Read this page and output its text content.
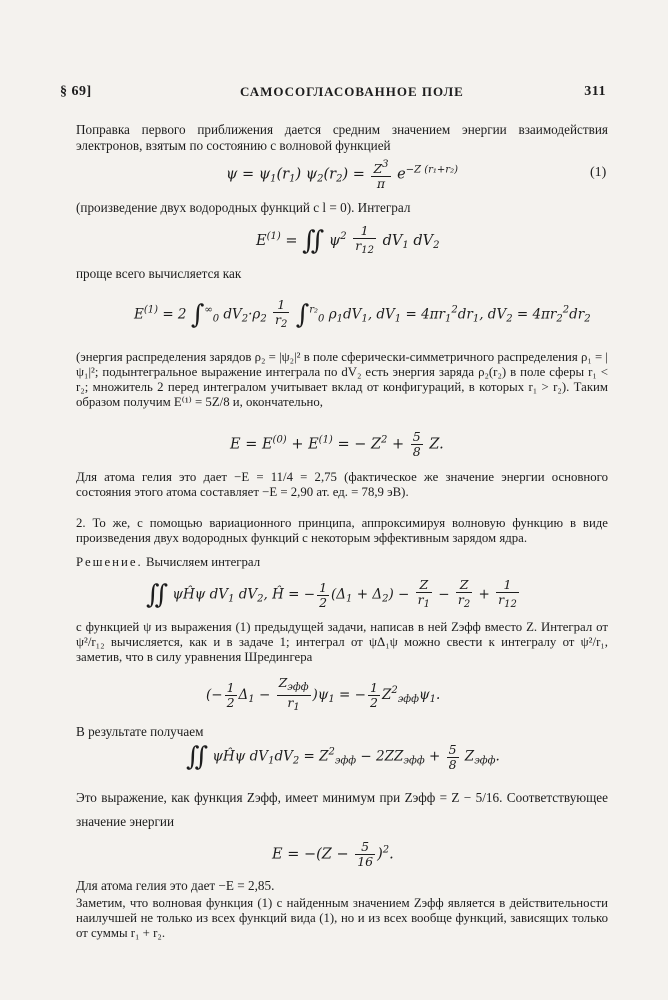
§ 69]	САМОСОГЛАСОВАННОЕ ПОЛЕ	311

Поправка первого приближения дается средним значением энергии взаимодействия электронов, взятым по состоянию с волновой функцией

$\psi = \psi_1(r_1) \psi_2(r_2) = \frac{Z^3}{\pi} e^{-Z (r_1+r_2)}$	(1)

(произведение двух водородных функций с l = 0). Интеграл

$E^{(1)}$ = ∬ $\psi^2 \frac{1}{r_{12}} dV_1$ $dV_2$

проще всего вычисляется как

$E^{(1)} = 2$ $\int^\infty_0$ $dV_2\cdot\rho_2 \frac{1}{r_2} \int^{r_2}_0$ $\rho_1dV_1$, $dV_1 = 4\pi r_1^2dr_1$, $dV_2 = 4\pi r_2^2dr_2$

(энергия распределения зарядов ρ₂ = |ψ₂|² в поле сферически-симметричного распределения ρ₁ = |ψ₁|²; подынтегральное выражение интеграла по dV₂ есть энергия заряда ρ₂(r₂) в поле сферы r₁ < r₂; множитель 2 перед интегралом учитывает вклад от конфигураций, в которых r₁ > r₂). Таким образом получим E⁽¹⁾ = 5Z/8 и, окончательно,

$E = E^{(0)} + E^{(1)}$ = − $Z^2 + \frac{5}{8} Z$.

Для атома гелия это дает −E = 11/4 = 2,75 (фактическое же значение энергии основного состояния этого атома составляет −E = 2,90 ат. ед. = 78,9 эВ).

2. То же, с помощью вариационного принципа, аппроксимируя волновую функцию в виде произведения двух водородных функций с некоторым эффективным зарядом ядра.

Решение. Вычисляем интеграл

∬ ψĤψ $dV_1$ $dV_2$, Ĥ = − $\frac{1}{2} (\Delta_1 + \Delta_2) - \frac{Z}{r_1} - \frac{Z}{r_2} + \frac{1}{r_{12}}$

с функцией ψ из выражения (1) предыдущей задачи, написав в ней Zэфф вместо Z. Интеграл от ψ²/r₁₂ вычисляется, как и в задаче 1; интеграл от ψΔ₁ψ можно свести к интегралу от ψ²/r₁, заметив, что в силу уравнения Шредингера

(− $\frac{1}{2} \Delta_1 - \frac{Z_{эфф}}{r_1} )\psi_1$ = − $\frac{1}{2} Z^2_{эфф}\psi_1$.

В результате получаем

∬ ψĤψ $dV_1dV_2 = Z^2_{эфф} - 2ZZ_{эфф} + \frac{5}{8} Z_{эфф}$.

Это выражение, как функция Zэфф, имеет минимум при Zэфф = Z − 5/16. Соответствующее значение энергии

$E = -(Z - \frac{5}{16} )^2$.

Для атома гелия это дает −E = 2,85.

Заметим, что волновая функция (1) с найденным значением Zэфф является в действительности наилучшей не только из всех функций вида (1), но и из всех вообще функций, зависящих только от суммы r₁ + r₂.
